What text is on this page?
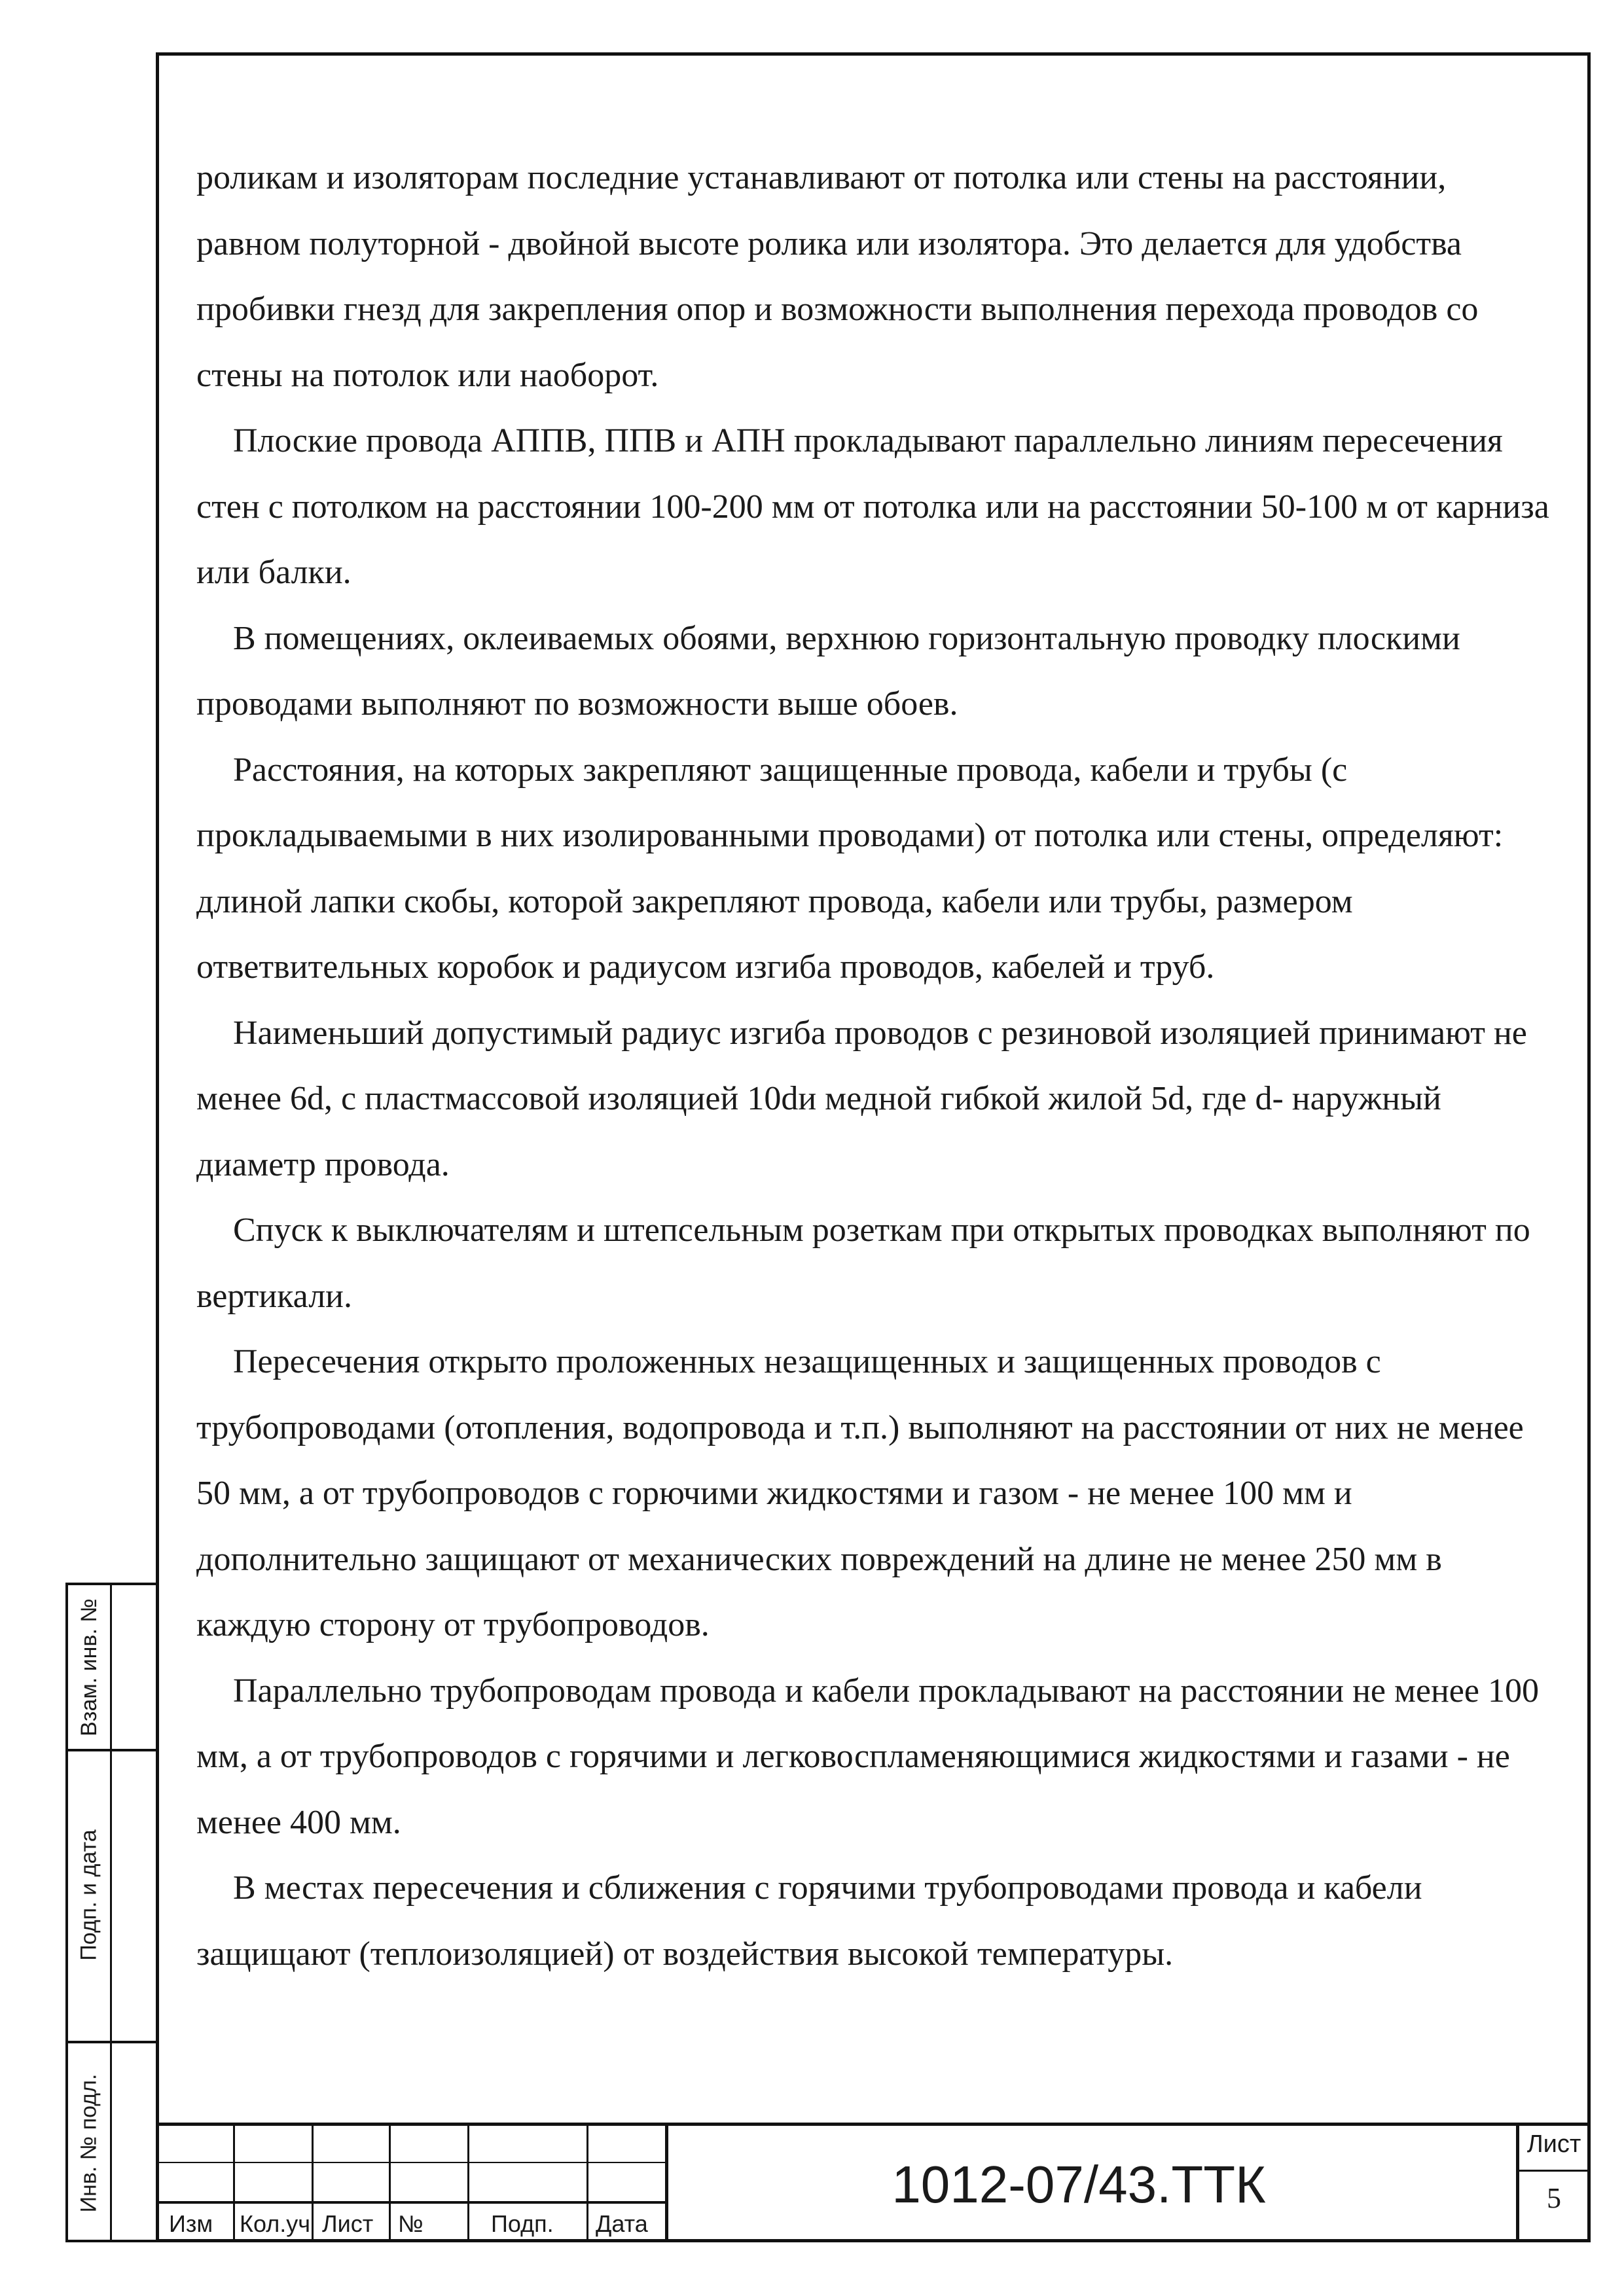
роликам и изоляторам последние устанавливают от потолка или стены на расстоянии, равном полуторной - двойной высоте ролика или изолятора. Это делается для удобства пробивки гнезд для закрепления опор и возможности выполнения перехода проводов со стены на потолок или наоборот.

Плоские провода АППВ, ППВ и АПН прокладывают параллельно линиям пересечения стен с потолком на расстоянии 100-200 мм от потолка или на расстоянии 50-100 м от карниза или балки.

В помещениях, оклеиваемых обоями, верхнюю горизонтальную проводку плоскими проводами выполняют по возможности выше обоев.

Расстояния, на которых закрепляют защищенные провода, кабели и трубы (с прокладываемыми в них изолированными проводами) от потолка или стены, определяют: длиной лапки скобы, которой закрепляют провода, кабели или трубы, размером ответвительных коробок и радиусом изгиба проводов, кабелей и труб.

Наименьший допустимый радиус изгиба проводов с резиновой изоляцией принимают не менее 6d, с пластмассовой изоляцией 10dи медной гибкой жилой 5d, где d- наружный диаметр провода.

Спуск к выключателям и штепсельным розеткам при открытых проводках выполняют по вертикали.

Пересечения открыто проложенных незащищенных и защищенных проводов с трубопроводами (отопления, водопровода и т.п.) выполняют на расстоянии от них не менее 50 мм, а от трубопроводов с горючими жидкостями и газом - не менее 100 мм и дополнительно защищают от механических повреждений на длине не менее 250 мм в каждую сторону от трубопроводов.

Параллельно трубопроводам провода и кабели прокладывают на расстоянии не менее 100 мм, а от трубопроводов с горячими и легковоспламеняющимися жидкостями и газами - не менее 400 мм.

В местах пересечения и сближения с горячими трубопроводами провода и кабели защищают (теплоизоляцией) от воздействия высокой температуры.

Взам. инв. №
Подп. и дата
Инв. № подл.
Изм Кол.уч Лист №	Подп. Дата
1012-07/43.ТТК
Лист
5
